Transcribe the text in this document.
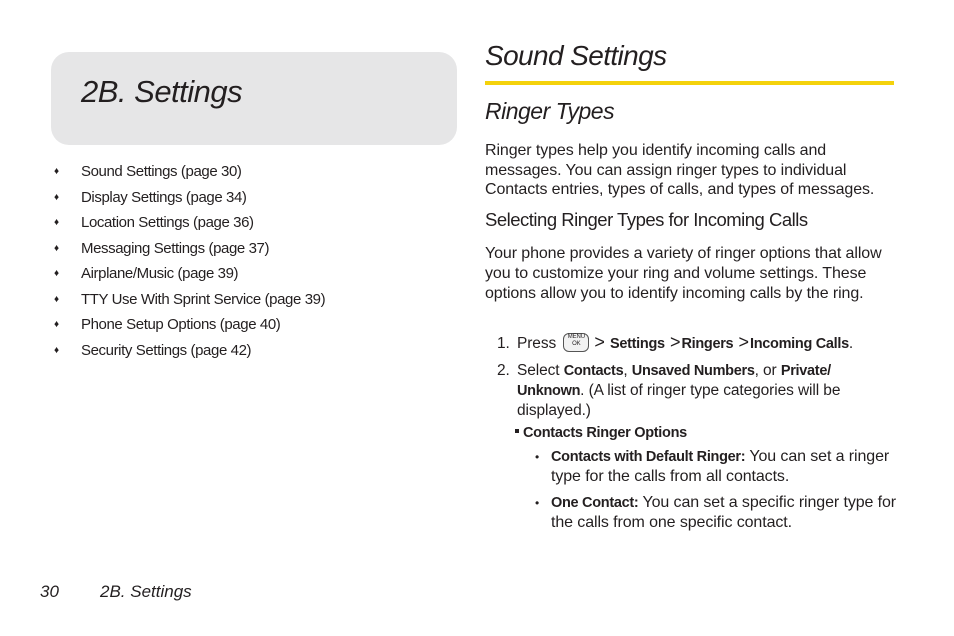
2B. Settings
♦ Sound Settings (page 30)
♦ Display Settings (page 34)
♦ Location Settings (page 36)
♦ Messaging Settings (page 37)
♦ Airplane/Music (page 39)
♦ TTY Use With Sprint Service (page 39)
♦ Phone Setup Options (page 40)
♦ Security Settings (page 42)
Sound Settings
Ringer Types
Ringer types help you identify incoming calls and messages. You can assign ringer types to individual Contacts entries, types of calls, and types of messages.
Selecting Ringer Types for Incoming Calls
Your phone provides a variety of ringer options that allow you to customize your ring and volume settings. These options allow you to identify incoming calls by the ring.
1. Press	MENU
OK > Settings >Ringers >Incoming Calls.
2. Select Contacts, Unsaved Numbers, or Private/
Unknown. (A list of ringer type categories will be displayed.)
Contacts Ringer Options
• Contacts with Default Ringer: You can set a ringer type for the calls from all contacts.
• One Contact: You can set a specific ringer type for the calls from one specific contact.
30 2B. Settings
